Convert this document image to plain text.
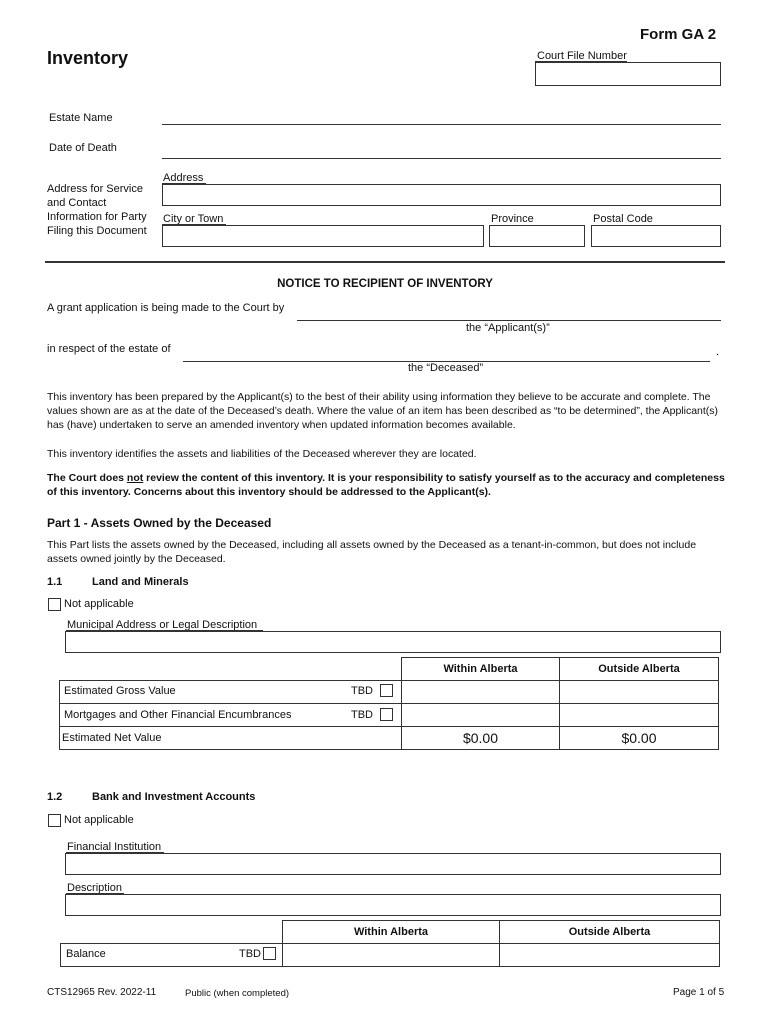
Form GA 2
Inventory	Court File Number
Estate Name
Date of Death
Address for Service
and Contact
Information for Party
Filing this Document
Address
City or Town	Province	Postal Code
NOTICE TO RECIPIENT OF INVENTORY
A grant application is being made to the Court by
the “Applicant(s)”
in respect of the estate of	.
the “Deceased”
This inventory has been prepared by the Applicant(s) to the best of their ability using information they believe to be accurate and complete. The values shown are as at the date of the Deceased’s death. Where the value of an item has been described as “to be determined”, the Applicant(s) has (have) undertaken to serve an amended inventory when updated information becomes available.
This inventory identifies the assets and liabilities of the Deceased wherever they are located.
The Court does not review the content of this inventory. It is your responsibility to satisfy yourself as to the accuracy and completeness of this inventory. Concerns about this inventory should be addressed to the Applicant(s).
Part 1 - Assets Owned by the Deceased
This Part lists the assets owned by the Deceased, including all assets owned by the Deceased as a tenant-in-common, but does not include assets owned jointly by the Deceased.
1.1	Land and Minerals
Not applicable
Municipal Address or Legal Description
Within Alberta	Outside Alberta
Estimated Gross Value	TBD
Mortgages and Other Financial Encumbrances	TBD
Estimated Net Value	$0.00	$0.00
1.2	Bank and Investment Accounts
Not applicable
Financial Institution
Description
Within Alberta	Outside Alberta
Balance	TBD
CTS12965 Rev. 2022-11	Public (when completed)	Page 1 of 5
